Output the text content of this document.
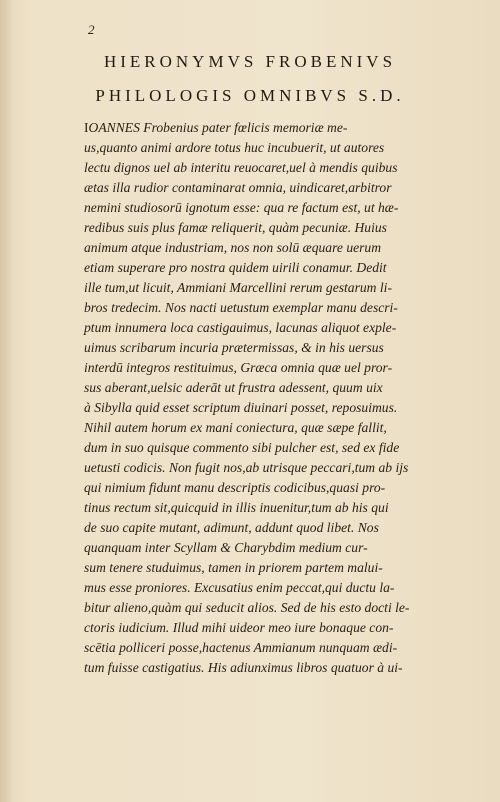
2
HIERONYMVS FROBENIVS
PHILOLOGIS OMNIBVS S.D.
IOANNES Frobenius pater fœlicis memoriæ me-
us,quanto animi ardore totus huc incubuerit, ut autores
lectu dignos uel ab interitu reuocaret,uel à mendis quibus
ætas illa rudior contaminarat omnia, uindicaret,arbitror
nemini studiosorū ignotum esse: qua re factum est, ut hæ-
redibus suis plus famæ reliquerit, quàm pecuniæ. Huius
animum atque industriam, nos non solū æquare uerum
etiam superare pro nostra quidem uirili conamur. Dedit
ille tum,ut licuit, Ammiani Marcellini rerum gestarum li-
bros tredecim. Nos nacti uetustum exemplar manu descri-
ptum innumera loca castigauimus, lacunas aliquot exple-
uimus scribarum incuria prætermissas, & in his uersus
interdū integros restituimus, Græca omnia quæ uel pror-
sus aberant,uelsic aderāt ut frustra adessent, quum uix
à Sibylla quid esset scriptum diuinari posset, reposuimus.
Nihil autem horum ex mani coniectura, quæ sæpe fallit,
dum in suo quisque commento sibi pulcher est, sed ex fide
uetusti codicis. Non fugit nos,ab utrisque peccari,tum ab ijs
qui nimium fidunt manu descriptis codicibus,quasi pro-
tinus rectum sit,quicquid in illis inuenitur,tum ab his qui
de suo capite mutant, adimunt, addunt quod libet. Nos
quanquam inter Scyllam & Charybdim medium cur-
sum tenere studuimus, tamen in priorem partem malui-
mus esse proniores. Excusatius enim peccat,qui ductu la-
bitur alieno,quàm qui seducit alios. Sed de his esto docti le-
ctoris iudicium. Illud mihi uideor meo iure bonaque con-
scētia polliceri posse,hactenus Ammianum nunquam ædi-
tum fuisse castigatius. His adiunximus libros quatuor à ui-
